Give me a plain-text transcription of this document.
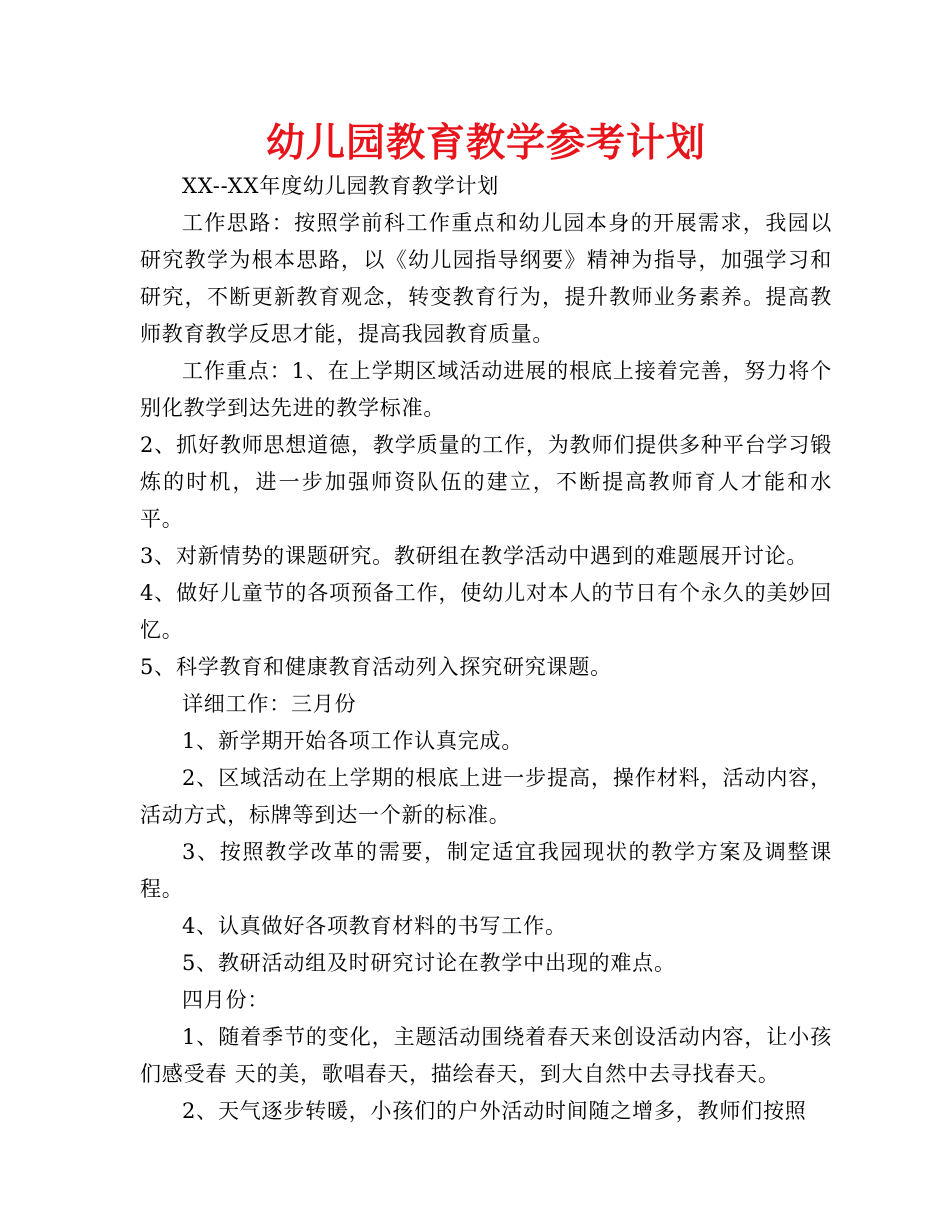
幼儿园教育教学参考计划

XX--XX年度幼儿园教育教学计划

工作思路：按照学前科工作重点和幼儿园本身的开展需求，我园以研究教学为根本思路，以《幼儿园指导纲要》精神为指导，加强学习和研究，不断更新教育观念，转变教育行为，提升教师业务素养。提高教师教育教学反思才能，提高我园教育质量。

工作重点：1、在上学期区域活动进展的根底上接着完善，努力将个别化教学到达先进的教学标准。

2、抓好教师思想道德，教学质量的工作，为教师们提供多种平台学习锻炼的时机，进一步加强师资队伍的建立，不断提高教师育人才能和水平。

3、对新情势的课题研究。教研组在教学活动中遇到的难题展开讨论。

4、做好儿童节的各项预备工作，使幼儿对本人的节日有个永久的美妙回忆。

5、科学教育和健康教育活动列入探究研究课题。

详细工作：三月份

1、新学期开始各项工作认真完成。

2、区域活动在上学期的根底上进一步提高，操作材料，活动内容，活动方式，标牌等到达一个新的标准。

3、按照教学改革的需要，制定适宜我园现状的教学方案及调整课程。

4、认真做好各项教育材料的书写工作。

5、教研活动组及时研究讨论在教学中出现的难点。

四月份：

1、随着季节的变化，主题活动围绕着春天来创设活动内容，让小孩们感受春 天的美，歌唱春天，描绘春天，到大自然中去寻找春天。

2、天气逐步转暖，小孩们的户外活动时间随之增多，教师们按照
